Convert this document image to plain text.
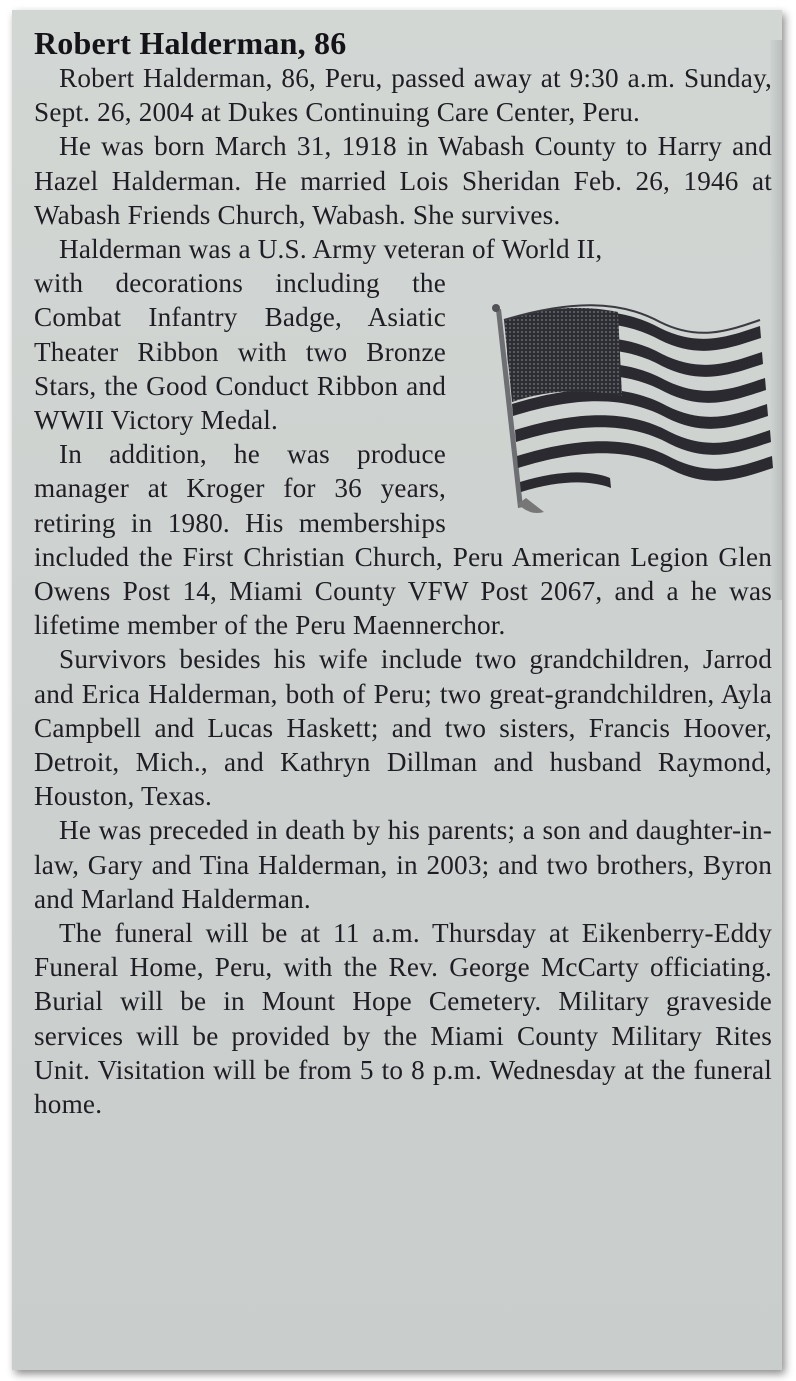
Robert Halderman, 86

Robert Halderman, 86, Peru, passed away at 9:30 a.m. Sunday, Sept. 26, 2004 at Dukes Continuing Care Center, Peru.

He was born March 31, 1918 in Wabash County to Harry and Hazel Halderman. He married Lois Sheridan Feb. 26, 1946 at Wabash Friends Church, Wabash. She survives.

Halderman was a U.S. Army veteran of World II,

with decorations including the Combat Infantry Badge, Asiatic Theater Ribbon with two Bronze Stars, the Good Conduct Ribbon and WWII Victory Medal.

In addition, he was produce manager at Kroger for 36 years, retiring in 1980. His memberships included the First Christian Church, Peru American Legion Glen Owens Post 14, Miami County VFW Post 2067, and a he was lifetime member of the Peru Maennerchor.

Survivors besides his wife include two grandchildren, Jarrod and Erica Halderman, both of Peru; two great-grandchildren, Ayla Campbell and Lucas Haskett; and two sisters, Francis Hoover, Detroit, Mich., and Kathryn Dillman and husband Raymond, Houston, Texas.

He was preceded in death by his parents; a son and daughter-in-law, Gary and Tina Halderman, in 2003; and two brothers, Byron and Marland Halderman.

The funeral will be at 11 a.m. Thursday at Eikenberry-Eddy Funeral Home, Peru, with the Rev. George McCarty officiating. Burial will be in Mount Hope Cemetery. Military graveside services will be provided by the Miami County Military Rites Unit. Visitation will be from 5 to 8 p.m. Wednesday at the funeral home.
